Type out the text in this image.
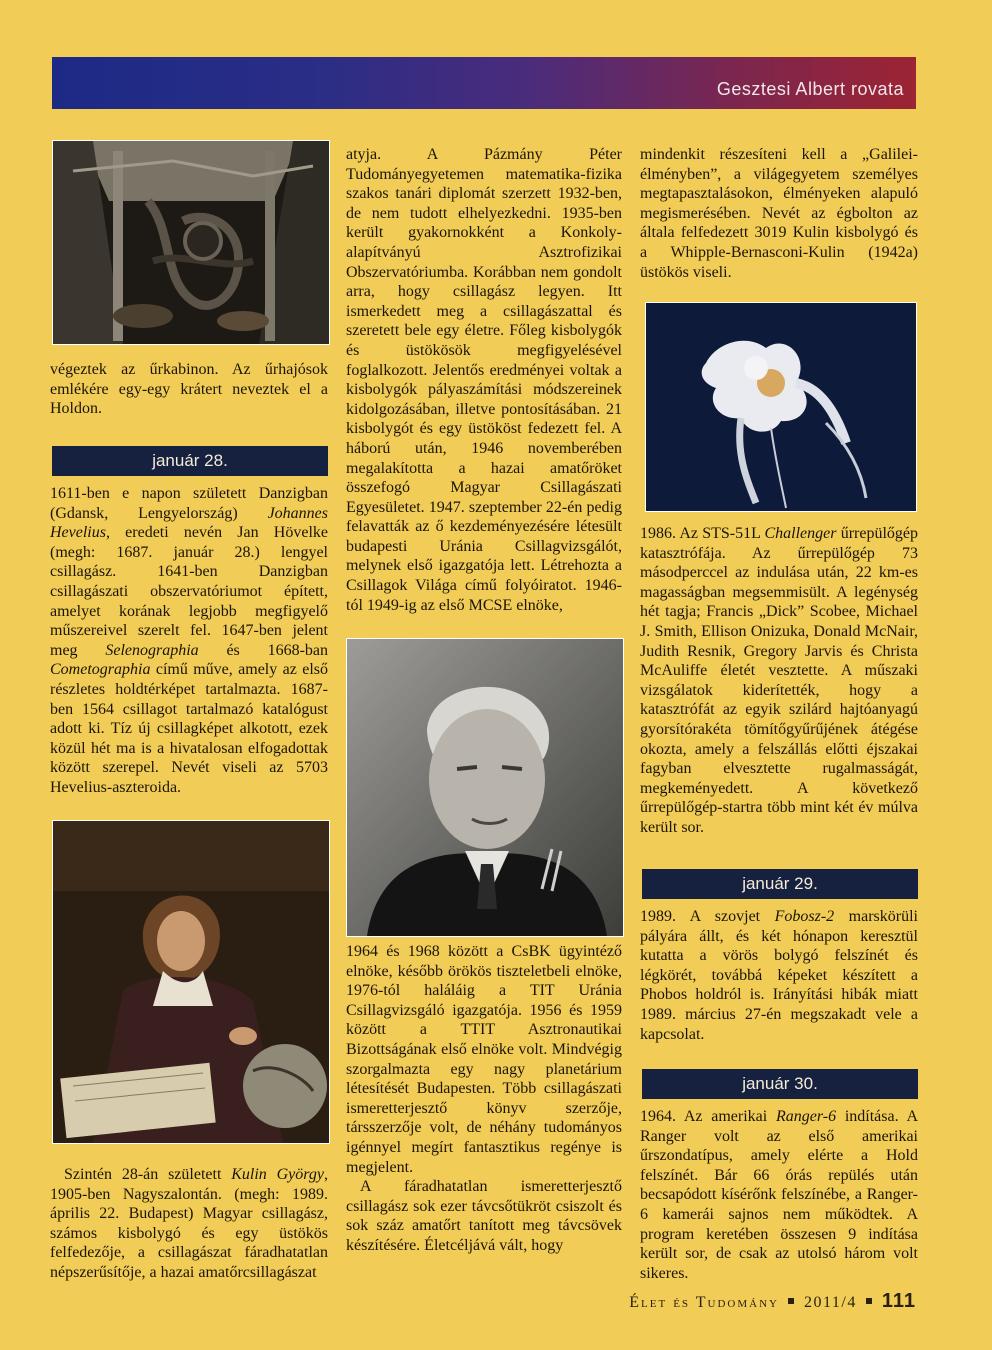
Gesztesi Albert rovata

végeztek az űrkabinon. Az űrhajósok emlékére egy-egy krátert neveztek el a Holdon.

január 28.

1611-ben e napon született Danzigban (Gdansk, Lengyelország) Johannes Hevelius, eredeti nevén Jan Hövelke (megh: 1687. január 28.) lengyel csillagász. 1641-ben Danzigban csillagászati obszervatóriumot épített, amelyet korának legjobb megfigyelő műszereivel szerelt fel. 1647-ben jelent meg Selenographia és 1668-ban Cometographia című műve, amely az első részletes holdtérképet tartalmazta. 1687-ben 1564 csillagot tartalmazó katalógust adott ki. Tíz új csillagképet alkotott, ezek közül hét ma is a hivatalosan elfogadottak között szerepel. Nevét viseli az 5703 Hevelius-aszteroida.

Szintén 28-án született Kulin György, 1905-ben Nagyszalontán. (megh: 1989. április 22. Budapest) Magyar csillagász, számos kisbolygó és egy üstökös felfedezője, a csillagászat fáradhatatlan népszerűsítője, a hazai amatőrcsillagászat

atyja. A Pázmány Péter Tudományegyetemen matematika-fizika szakos tanári diplomát szerzett 1932-ben, de nem tudott elhelyezkedni. 1935-ben került gyakornokként a Konkoly-alapítványú Asztrofizikai Obszervatóriumba. Korábban nem gondolt arra, hogy csillagász legyen. Itt ismerkedett meg a csillagászattal és szeretett bele egy életre. Főleg kisbolygók és üstökösök megfigyelésével foglalkozott. Jelentős eredményei voltak a kisbolygók pályaszámítási módszereinek kidolgozásában, illetve pontosításában. 21 kisbolygót és egy üstököst fedezett fel. A háború után, 1946 novemberében megalakította a hazai amatőröket összefogó Magyar Csillagászati Egyesületet. 1947. szeptember 22-én pedig felavatták az ő kezdeményezésére létesült budapesti Uránia Csillagvizsgálót, melynek első igazgatója lett. Létrehozta a Csillagok Világa című folyóiratot. 1946-tól 1949-ig az első MCSE elnöke,

1964 és 1968 között a CsBK ügyintéző elnöke, később örökös tiszteletbeli elnöke, 1976-tól haláláig a TIT Uránia Csillagvizsgáló igazgatója. 1956 és 1959 között a TTIT Asztronautikai Bizottságának első elnöke volt. Mindvégig szorgalmazta egy nagy planetárium létesítését Budapesten. Több csillagászati ismeretterjesztő könyv szerzője, társszerzője volt, de néhány tudományos igénnyel megírt fantasztikus regénye is megjelent.

A fáradhatatlan ismeretterjesztő csillagász sok ezer távcsőtükröt csiszolt és sok száz amatőrt tanított meg távcsövek készítésére. Életcéljává vált, hogy

mindenkit részesíteni kell a „Galilei-élményben”, a világegyetem személyes megtapasztalásokon, élményeken alapuló megismerésében. Nevét az égbolton az általa felfedezett 3019 Kulin kisbolygó és a Whipple-Bernasconi-Kulin (1942a) üstökös viseli.

1986. Az STS-51L Challenger űrrepülőgép katasztrófája. Az űrrepülőgép 73 másodperccel az indulása után, 22 km-es magasságban megsemmisült. A legénység hét tagja; Francis „Dick” Scobee, Michael J. Smith, Ellison Onizuka, Donald McNair, Judith Resnik, Gregory Jarvis és Christa McAuliffe életét vesztette. A műszaki vizsgálatok kiderítették, hogy a katasztrófát az egyik szilárd hajtóanyagú gyorsítórakéta tömítőgyűrűjének átégése okozta, amely a felszállás előtti éjszakai fagyban elvesztette rugalmasságát, megkeményedett. A következő űrrepülőgép-startra több mint két év múlva került sor.

január 29.

1989. A szovjet Fobosz-2 marskörüli pályára állt, és két hónapon keresztül kutatta a vörös bolygó felszínét és légkörét, továbbá képeket készített a Phobos holdról is. Irányítási hibák miatt 1989. március 27-én megszakadt vele a kapcsolat.

január 30.

1964. Az amerikai Ranger-6 indítása. A Ranger volt az első amerikai űrszondatípus, amely elérte a Hold felszínét. Bár 66 órás repülés után becsapódott kísérőnk felszínébe, a Ranger-6 kamerái sajnos nem működtek. A program keretében összesen 9 indítása került sor, de csak az utolsó három volt sikeres.

Élet és Tudomány 2011/4 111
